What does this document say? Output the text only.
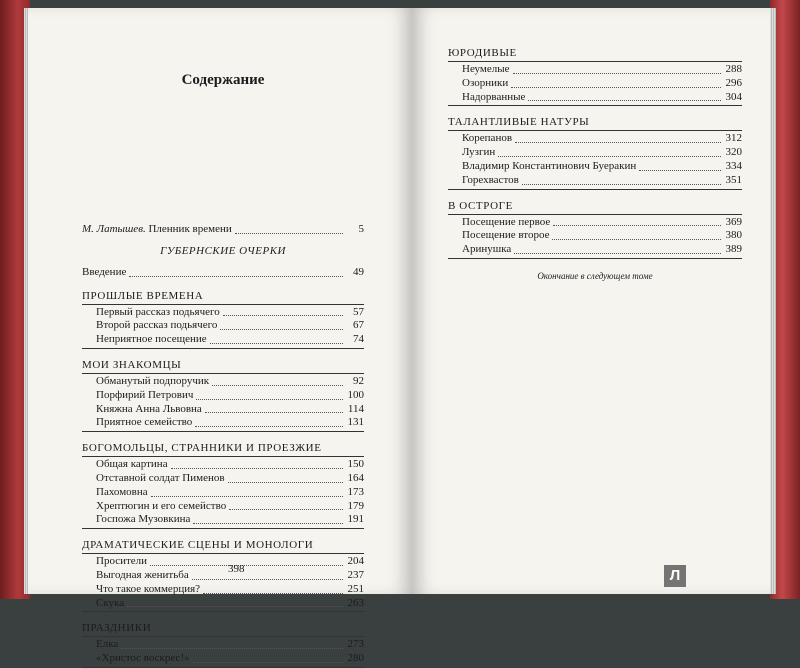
Содержание
М. Латышев. Пленник времени	5
ГУБЕРНСКИЕ ОЧЕРКИ
Введение	49
ПРОШЛЫЕ ВРЕМЕНА
Первый рассказ подьячего	57
Второй рассказ подьячего	67
Неприятное посещение	74
МОИ ЗНАКОМЦЫ
Обманутый подпоручик	92
Порфирий Петрович	100
Княжна Анна Львовна	114
Приятное семейство	131
БОГОМОЛЬЦЫ, СТРАННИКИ И ПРОЕЗЖИЕ
Общая картина	150
Отставной солдат Пименов	164
Пахомовна	173
Хрептюгин и его семейство	179
Госпожа Музовкина	191
ДРАМАТИЧЕСКИЕ СЦЕНЫ И МОНОЛОГИ
Просители	204
Выгодная женитьба	237
Что такое коммерция?	251
Скука	263
ПРАЗДНИКИ
Елка	273
«Христос воскрес!»	280
398
ЮРОДИВЫЕ
Неумелые	288
Озорники	296
Надорванные	304
ТАЛАНТЛИВЫЕ НАТУРЫ
Корепанов	312
Лузгин	320
Владимир Константинович Буеракин	334
Горехвастов	351
В ОСТРОГЕ
Посещение первое	369
Посещение второе	380
Аринушка	389
Окончание в следующем томе
Л
